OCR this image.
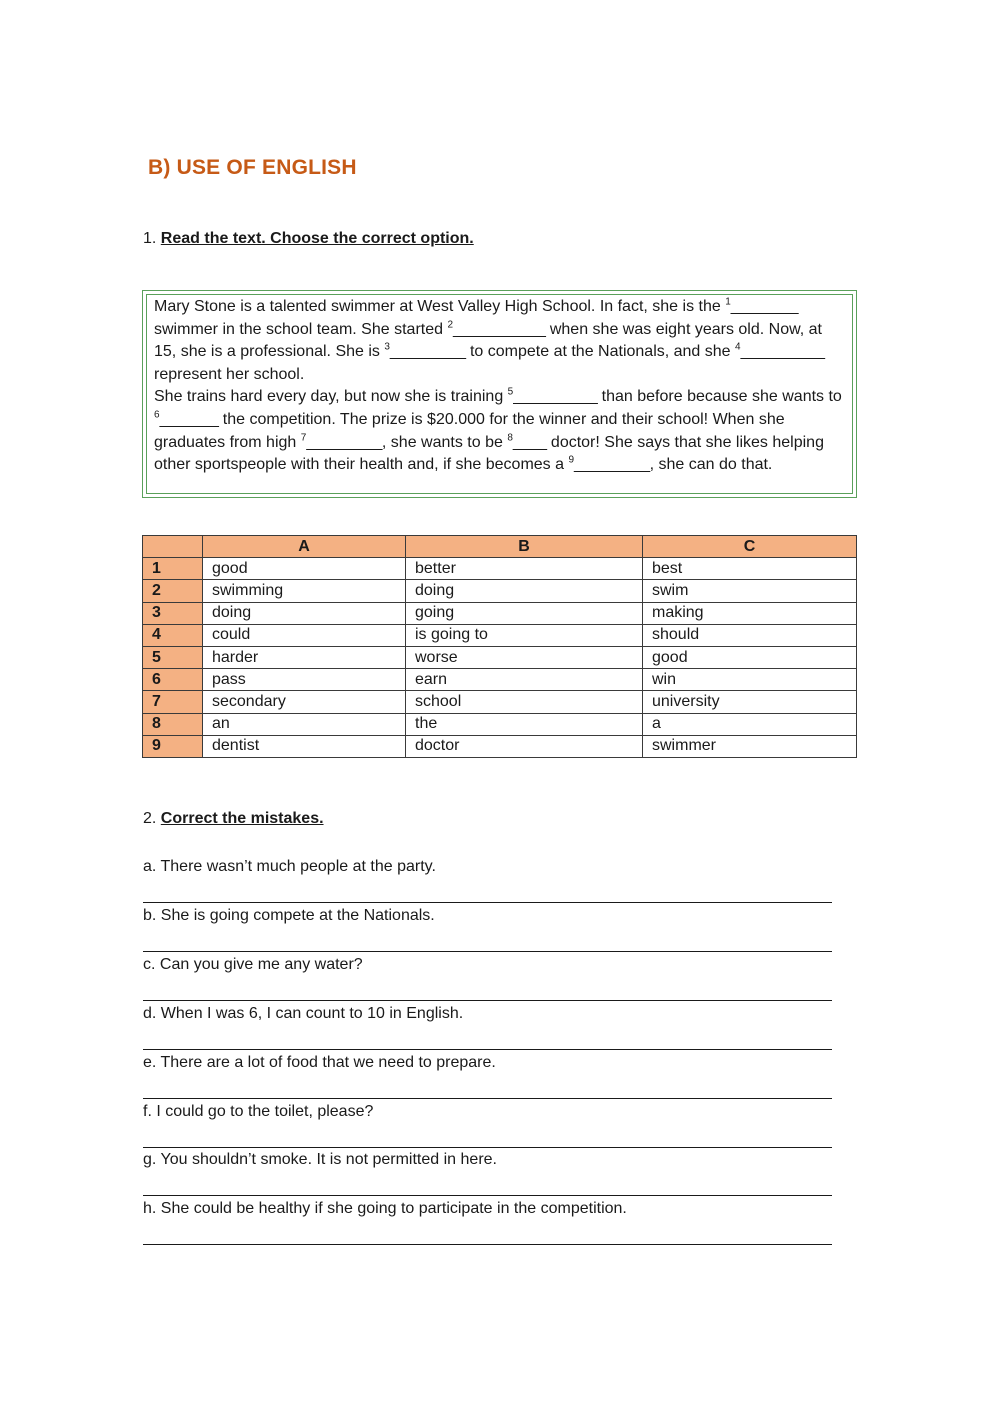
B) USE OF ENGLISH
1. Read the text. Choose the correct option.

Mary Stone is a talented swimmer at West Valley High School. In fact, she is the $^1$________ swimmer in the school team. She started $^2$___________ when she was eight years old. Now, at 15, she is a professional. She is $^3$_________ to compete at the Nationals, and she $^4$__________ represent her school.

She trains hard every day, but now she is training $^5$__________ than before because she wants to $^6$_______ the competition. The prize is $20.000 for the winner and their school! When she graduates from high $^7$_________, she wants to be $^8$____ doctor! She says that she likes helping other sportspeople with their health and, if she becomes a $^9$_________, she can do that.

	A	B	C
1	good	better	best
2	swimming	doing	swim
3	doing	going	making
4	could	is going to	should
5	harder	worse	good
6	pass	earn	win
7	secondary	school	university
8	an	the	a
9	dentist	doctor	swimmer
2. Correct the mistakes.
a. There wasn’t much people at the party.
b. She is going compete at the Nationals.
c. Can you give me any water?
d. When I was 6, I can count to 10 in English.
e. There are a lot of food that we need to prepare.
f. I could go to the toilet, please?
g. You shouldn’t smoke. It is not permitted in here.
h. She could be healthy if she going to participate in the competition.
